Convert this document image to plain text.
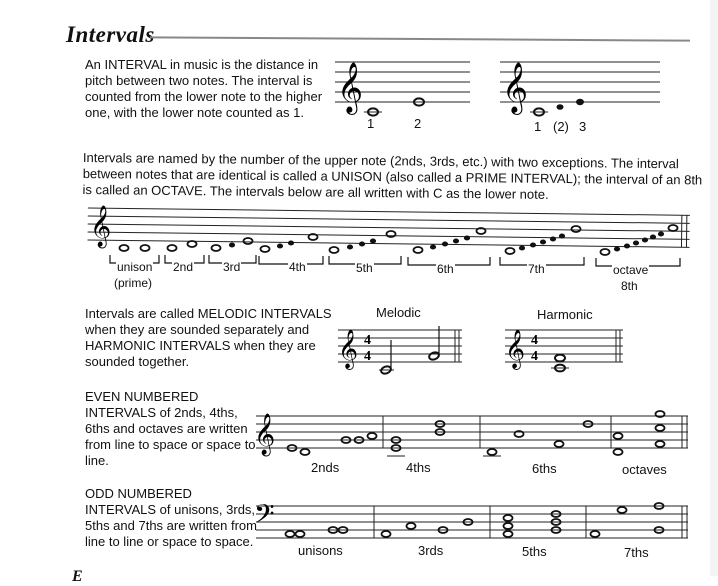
Intervals
An INTERVAL in music is the distance in pitch between two notes. The interval is counted from the lower note to the higher one, with the lower note counted as 1. 𝄞
1	2
𝄞
1 (2) 3
Intervals are named by the number of the upper note (2nds, 3rds, etc.) with two exceptions. The interval between notes that are identical is called a UNISON (also called a PRIME INTERVAL); the interval of an 8th is called an OCTAVE. The intervals below are all written with C as the lower note.
𝄞
unison 2nd 3rd	4th	5th	6th	7th	octave
(prime)	8th
Intervals are called MELODIC INTERVALS when they are sounded separately and HARMONIC INTERVALS when they are sounded together.
Melodic	Harmonic
𝄞 4
4	𝄞 4
4
EVEN NUMBERED INTERVALS of 2nds, 4ths, 6ths and octaves are written from line to space or space to line.
𝄞
2nds	4ths	6ths	octaves
ODD NUMBERED INTERVALS of unisons, 3rds, 5ths and 7ths are written from line to line or space to space.
𝄢
unisons	3rds	5ths	7ths
E
